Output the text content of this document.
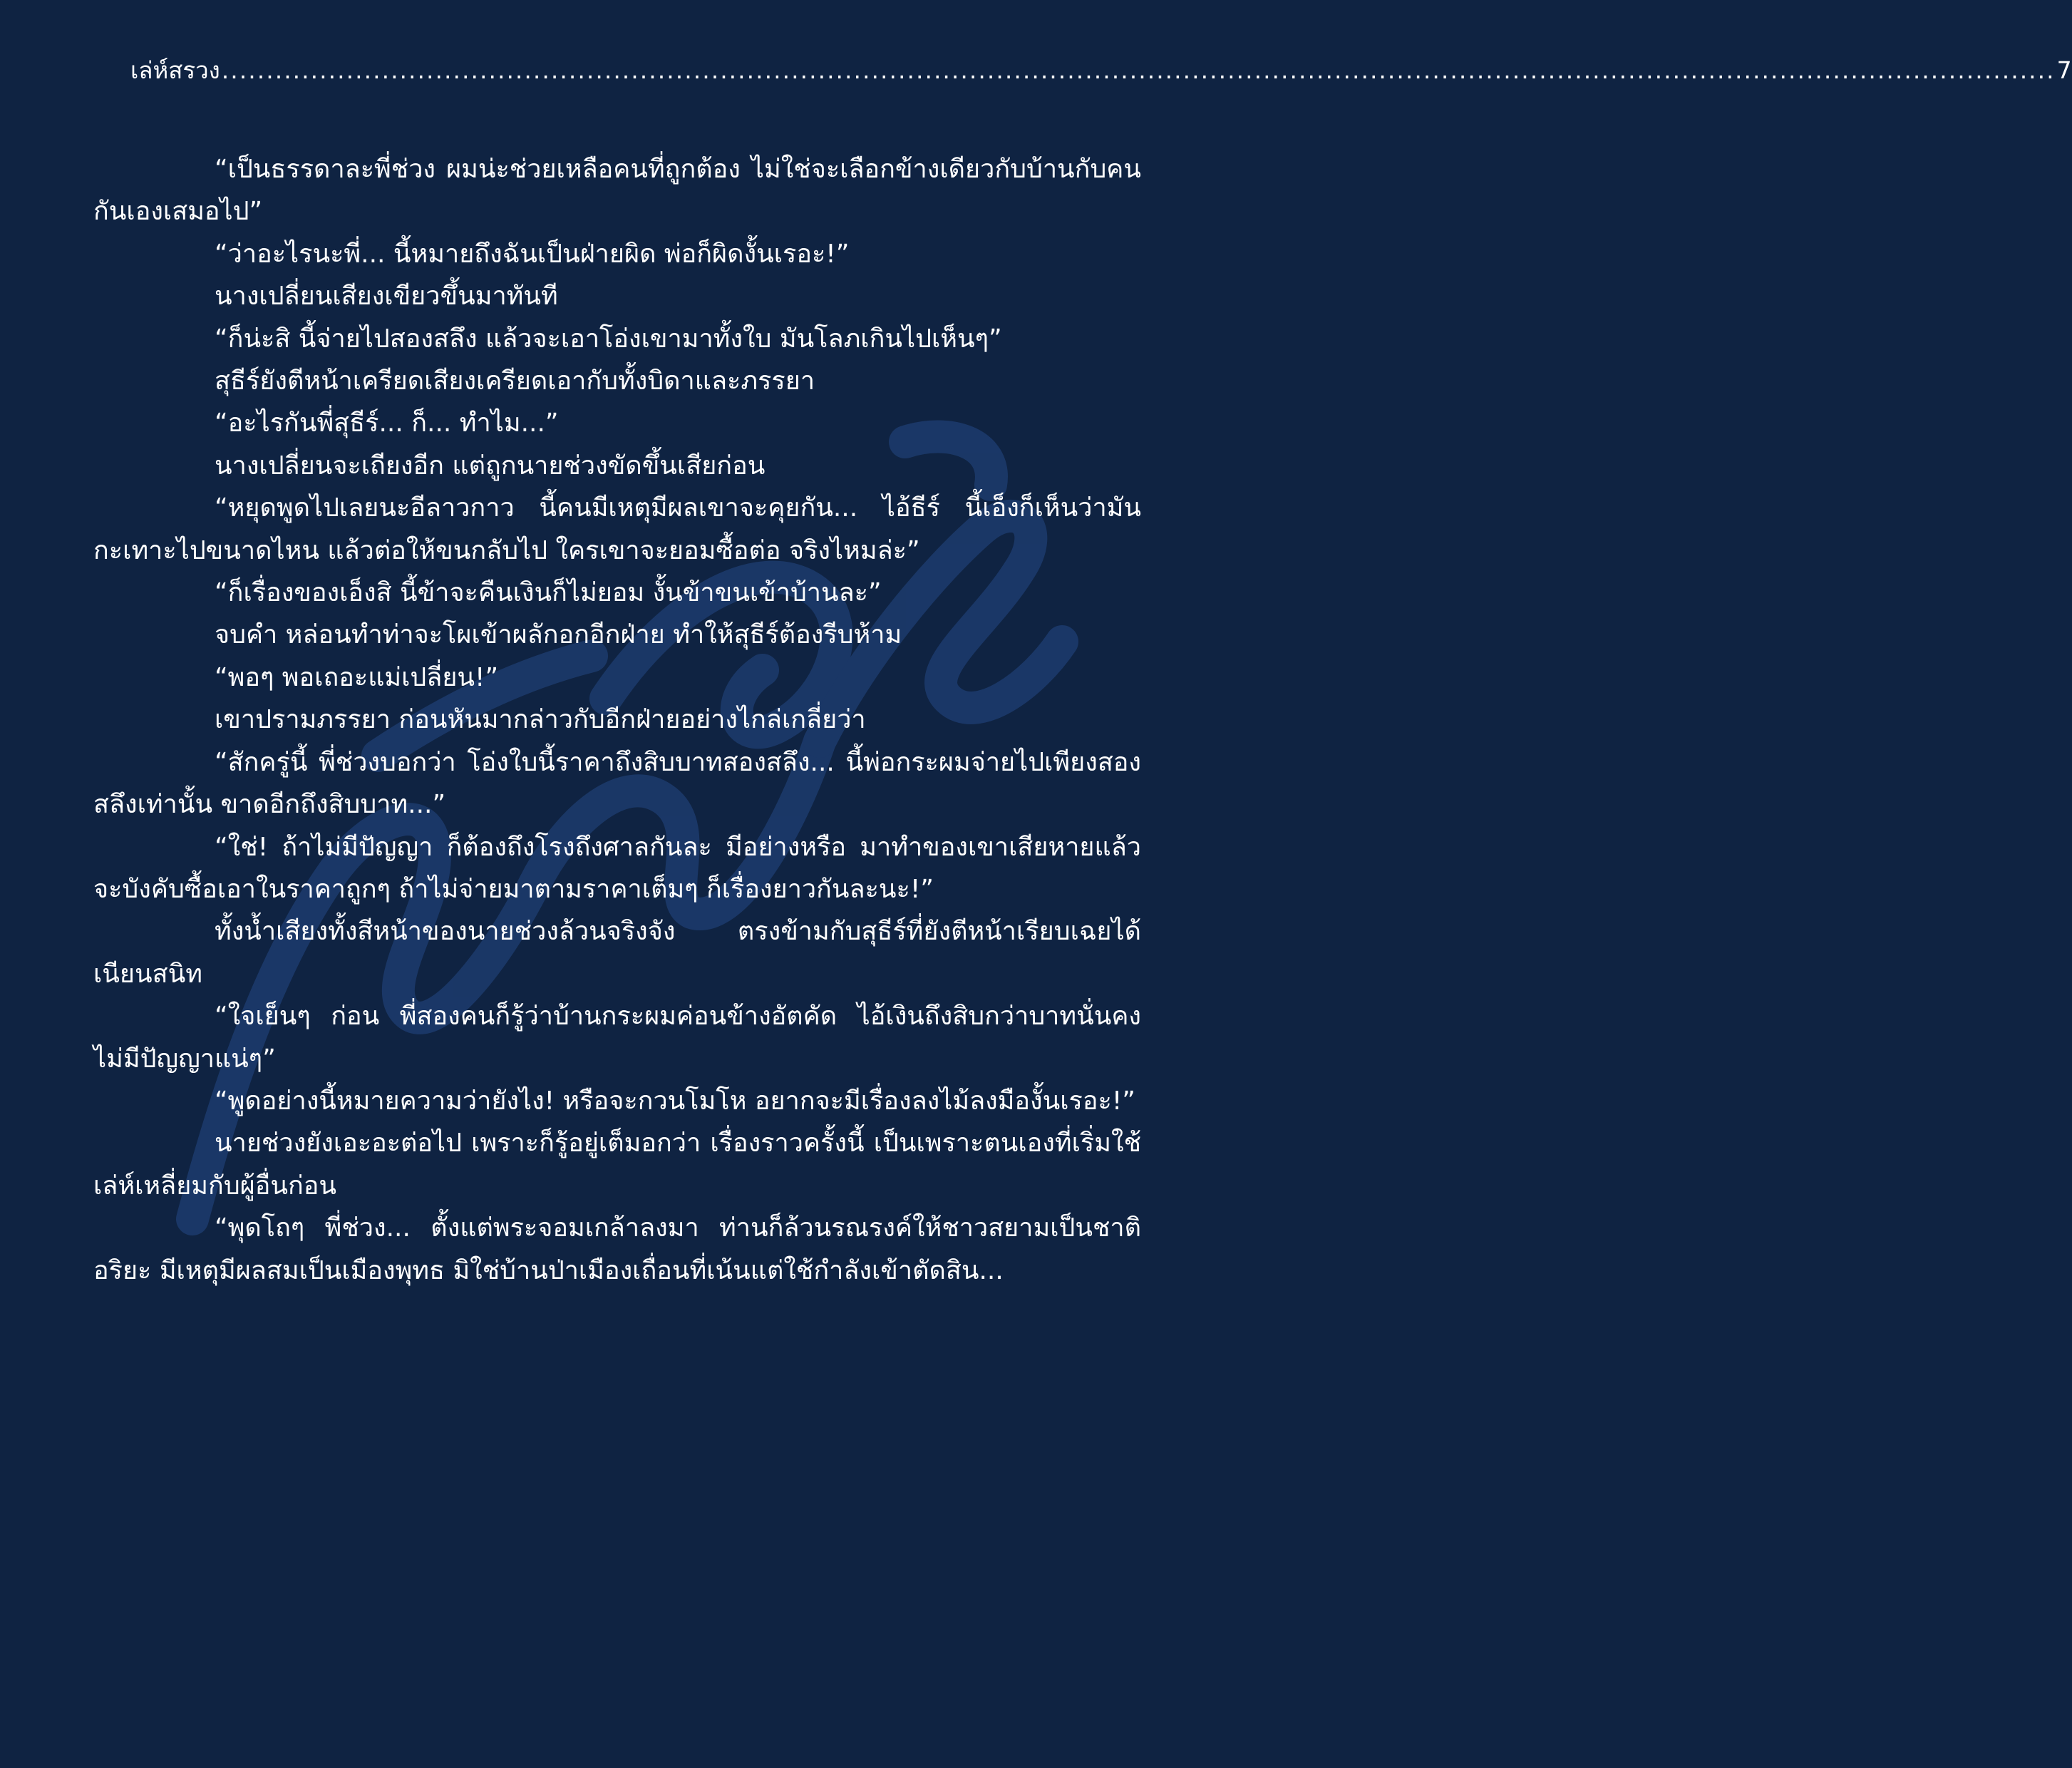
เล่ห์สรวง .............................................................................................................................................................................................................. 7

“เป็นธรรดาละพี่ช่วง ผมน่ะช่วยเหลือคนที่ถูกต้อง ไม่ใช่จะเลือกข้างเดียวกับบ้านกับคนกันเองเสมอไป”

“ว่าอะไรนะพี่... นี้หมายถึงฉันเป็นฝ่ายผิด พ่อก็ผิดงั้นเรอะ!”

นางเปลี่ยนเสียงเขียวขึ้นมาทันที

“ก็น่ะสิ นี้จ่ายไปสองสลึง แล้วจะเอาโอ่งเขามาทั้งใบ มันโลภเกินไปเห็นๆ”

สุธีร์ยังตีหน้าเครียดเสียงเครียดเอากับทั้งบิดาและภรรยา

“อะไรกันพี่สุธีร์... ก็... ทำไม...”

นางเปลี่ยนจะเถียงอีก แต่ถูกนายช่วงขัดขึ้นเสียก่อน

“หยุดพูดไปเลยนะอีลาวกาว นี้คนมีเหตุมีผลเขาจะคุยกัน... ไอ้ธีร์ นี้เอ็งก็เห็นว่ามันกะเทาะไปขนาดไหน แล้วต่อให้ขนกลับไป ใครเขาจะยอมซื้อต่อ จริงไหมล่ะ”

“ก็เรื่องของเอ็งสิ นี้ข้าจะคืนเงินก็ไม่ยอม งั้นข้าขนเข้าบ้านละ”

จบคำ หล่อนทำท่าจะโผเข้าผลักอกอีกฝ่าย ทำให้สุธีร์ต้องรีบห้าม

“พอๆ พอเถอะแม่เปลี่ยน!”

เขาปรามภรรยา ก่อนหันมากล่าวกับอีกฝ่ายอย่างไกล่เกลี่ยว่า

“สักครู่นี้ พี่ช่วงบอกว่า โอ่งใบนี้ราคาถึงสิบบาทสองสลึง... นี้พ่อกระผมจ่ายไปเพียงสองสลึงเท่านั้น ขาดอีกถึงสิบบาท...”

“ใช่! ถ้าไม่มีปัญญา ก็ต้องถึงโรงถึงศาลกันละ มีอย่างหรือ มาทำของเขาเสียหายแล้วจะบังคับซื้อเอาในราคาถูกๆ ถ้าไม่จ่ายมาตามราคาเต็มๆ ก็เรื่องยาวกันละนะ!”

ทั้งน้ำเสียงทั้งสีหน้าของนายช่วงล้วนจริงจัง ตรงข้ามกับสุธีร์ที่ยังตีหน้าเรียบเฉยได้เนียนสนิท

“ใจเย็นๆ ก่อน พี่สองคนก็รู้ว่าบ้านกระผมค่อนข้างอัตคัด ไอ้เงินถึงสิบกว่าบาทนั่นคงไม่มีปัญญาแน่ๆ”

“พูดอย่างนี้หมายความว่ายังไง! หรือจะกวนโมโห อยากจะมีเรื่องลงไม้ลงมืองั้นเรอะ!”

นายช่วงยังเอะอะต่อไป เพราะก็รู้อยู่เต็มอกว่า เรื่องราวครั้งนี้ เป็นเพราะตนเองที่เริ่มใช้เล่ห์เหลี่ยมกับผู้อื่นก่อน

“พุดโถๆ พี่ช่วง... ตั้งแต่พระจอมเกล้าลงมา ท่านก็ล้วนรณรงค์ให้ชาวสยามเป็นชาติอริยะ มีเหตุมีผลสมเป็นเมืองพุทธ มิใช่บ้านป่าเมืองเถื่อนที่เน้นแต่ใช้กำลังเข้าตัดสิน...
